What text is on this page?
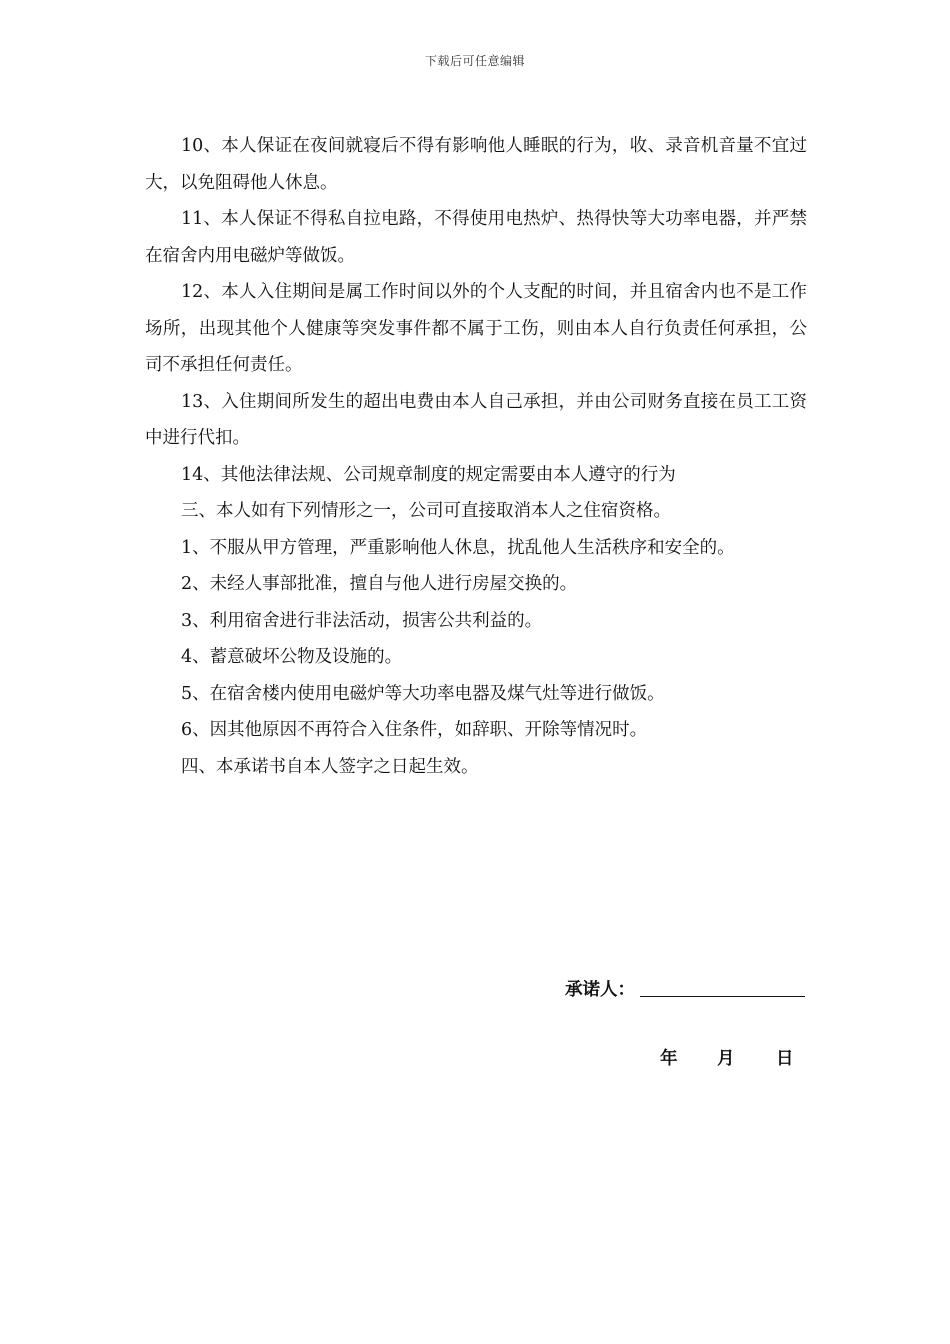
下载后可任意编辑

10、本人保证在夜间就寝后不得有影响他人睡眠的行为，收、录音机音量不宜过大，以免阻碍他人休息。

11、本人保证不得私自拉电路，不得使用电热炉、热得快等大功率电器，并严禁在宿舍内用电磁炉等做饭。

12、本人入住期间是属工作时间以外的个人支配的时间，并且宿舍内也不是工作场所，出现其他个人健康等突发事件都不属于工伤，则由本人自行负责任何承担，公司不承担任何责任。

13、入住期间所发生的超出电费由本人自己承担，并由公司财务直接在员工工资中进行代扣。

14、其他法律法规、公司规章制度的规定需要由本人遵守的行为
三、本人如有下列情形之一，公司可直接取消本人之住宿资格。
1、不服从甲方管理，严重影响他人休息，扰乱他人生活秩序和安全的。
2、未经人事部批准，擅自与他人进行房屋交换的。
3、利用宿舍进行非法活动，损害公共利益的。
4、蓄意破坏公物及设施的。
5、在宿舍楼内使用电磁炉等大功率电器及煤气灶等进行做饭。
6、因其他原因不再符合入住条件，如辞职、开除等情况时。
四、本承诺书自本人签字之日起生效。
承诺人：
年 月 日
